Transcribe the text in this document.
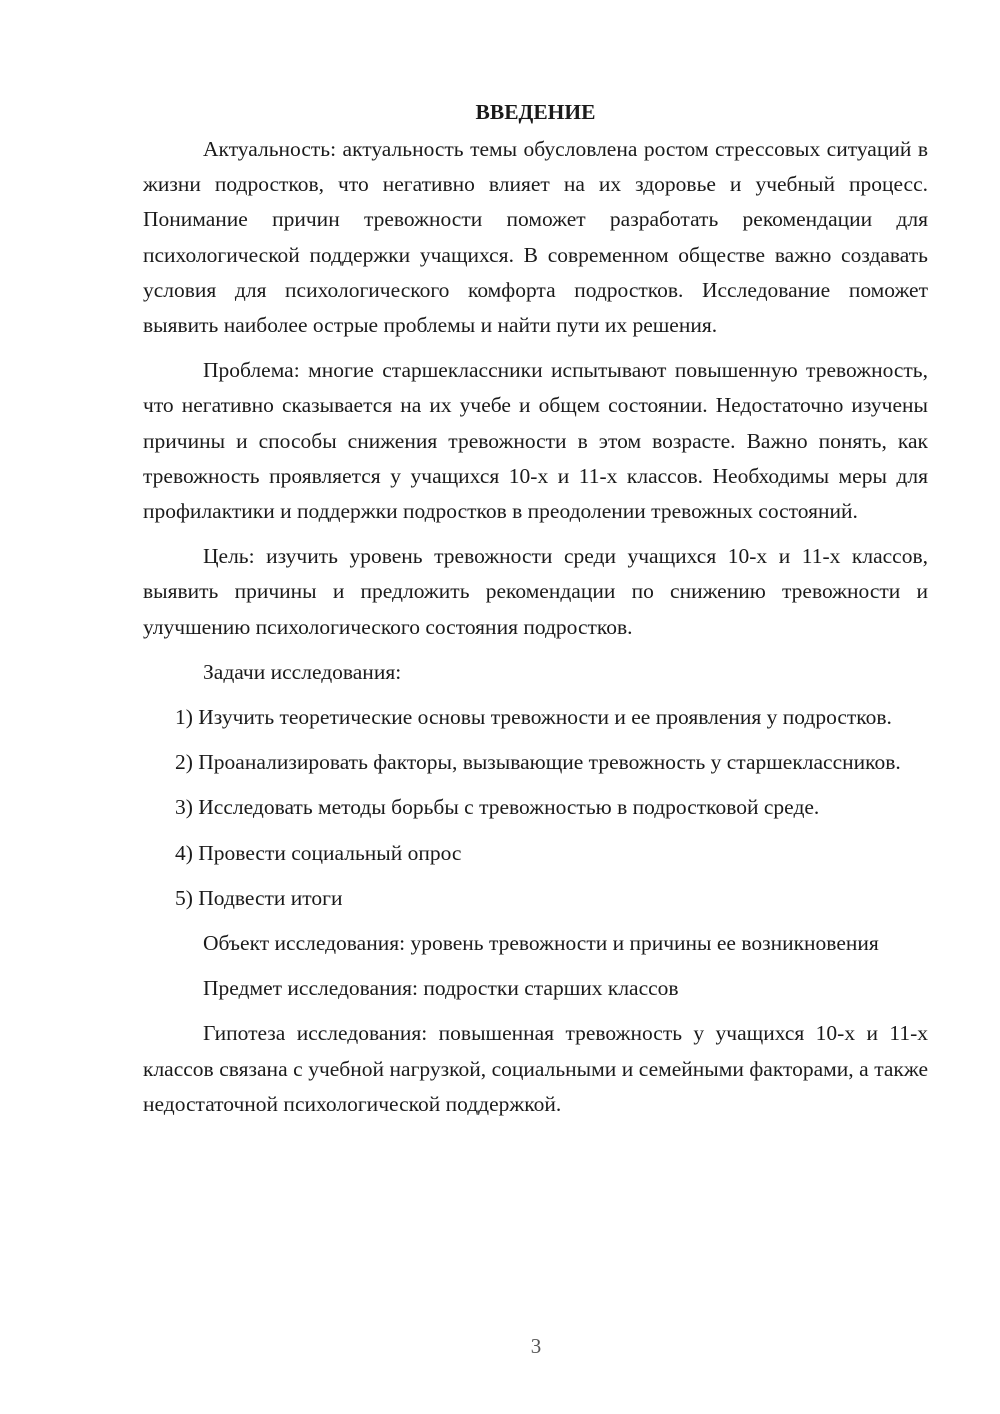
ВВЕДЕНИЕ

Актуальность: актуальность темы обусловлена ростом стрессовых ситуаций в жизни подростков, что негативно влияет на их здоровье и учебный процесс. Понимание причин тревожности поможет разработать рекомендации для психологической поддержки учащихся. В современном обществе важно создавать условия для психологического комфорта подростков. Исследование поможет выявить наиболее острые проблемы и найти пути их решения.

Проблема: многие старшеклассники испытывают повышенную тревожность, что негативно сказывается на их учебе и общем состоянии. Недостаточно изучены причины и способы снижения тревожности в этом возрасте. Важно понять, как тревожность проявляется у учащихся 10-х и 11-х классов. Необходимы меры для профилактики и поддержки подростков в преодолении тревожных состояний.

Цель: изучить уровень тревожности среди учащихся 10-х и 11-х классов, выявить причины и предложить рекомендации по снижению тревожности и улучшению психологического состояния подростков.

Задачи исследования:

1) Изучить теоретические основы тревожности и ее проявления у подростков.

2) Проанализировать факторы, вызывающие тревожность у старшеклассников.

3) Исследовать методы борьбы с тревожностью в подростковой среде.

4) Провести социальный опрос

5) Подвести итоги

Объект исследования: уровень тревожности и причины ее возникновения

Предмет исследования: подростки старших классов

Гипотеза исследования: повышенная тревожность у учащихся 10-х и 11-х классов связана с учебной нагрузкой, социальными и семейными факторами, а также недостаточной психологической поддержкой.

3
